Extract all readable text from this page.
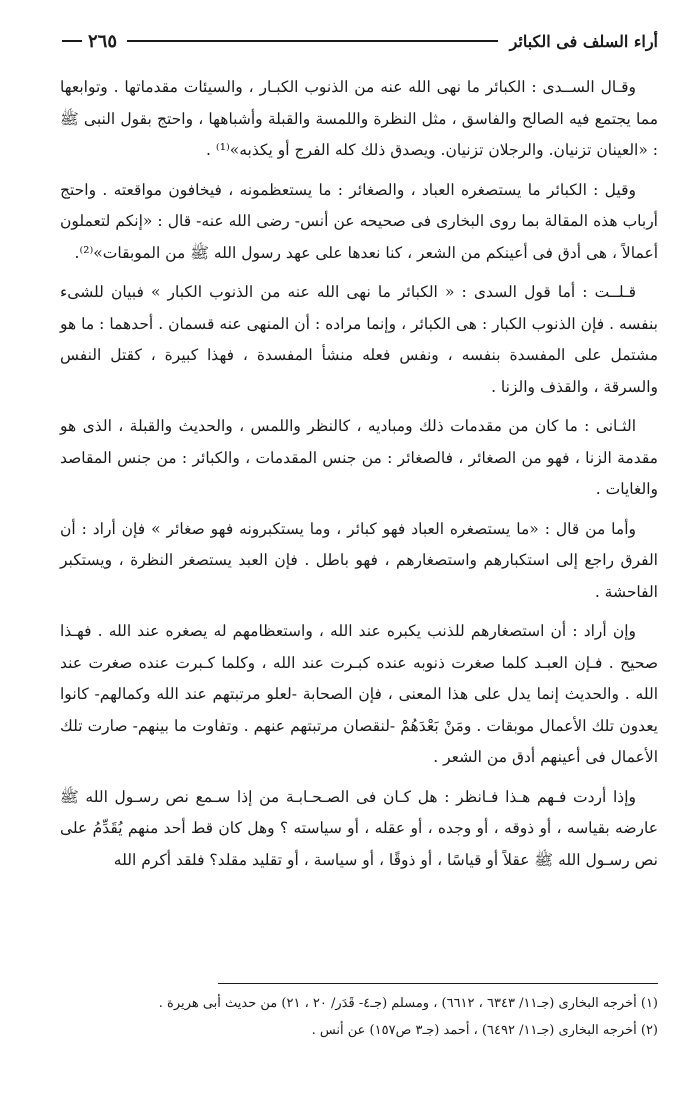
أراء السلف فى الكبائر
٢٦٥

وقـال الســدى : الكبائر ما نهى الله عنه من الذنوب الكبـار ، والسيئات مقدماتها . وتوابعها مما يجتمع فيه الصالح والفاسق ، مثل النظرة واللمسة والقبلة وأشباهها ، واحتج بقول النبى ﷺ : «العينان تزنيان. والرجلان تزنيان. ويصدق ذلك كله الفرج أو يكذبه»⁽¹⁾ .

وقيل : الكبائر ما يستصغره العباد ، والصغائر : ما يستعظمونه ، فيخافون مواقعته . واحتج أرباب هذه المقالة بما روى البخارى فى صحيحه عن أنس- رضى الله عنه- قال : «إنكم لتعملون أعمالاً ، هى أدق فى أعينكم من الشعر ، كنا نعدها على عهد رسول الله ﷺ من الموبقات»⁽²⁾.

قـلــت : أما قول السدى : « الكبائر ما نهى الله عنه من الذنوب الكبار » فبيان للشىء بنفسه . فإن الذنوب الكبار : هى الكبائر ، وإنما مراده : أن المنهى عنه قسمان . أحدهما : ما هو مشتمل على المفسدة بنفسه ، ونفس فعله منشأ المفسدة ، فهذا كبيرة ، كقتل النفس والسرقة ، والقذف والزنا .

الثـانى : ما كان من مقدمات ذلك ومباديه ، كالنظر واللمس ، والحديث والقبلة ، الذى هو مقدمة الزنا ، فهو من الصغائر ، فالصغائر : من جنس المقدمات ، والكبائر : من جنس المقاصد والغايات .

وأما من قال : «ما يستصغره العباد فهو كبائر ، وما يستكبرونه فهو صغائر » فإن أراد : أن الفرق راجع إلى استكبارهم واستصغارهم ، فهو باطل . فإن العبد يستصغر النظرة ، ويستكبر الفاحشة .

وإن أراد : أن استصغارهم للذنب يكبره عند الله ، واستعظامهم له يصغره عند الله . فهـذا صحيح . فـإن العبـد كلما صغرت ذنوبه عنده كبـرت عند الله ، وكلما كـبرت عنده صغرت عند الله . والحديث إنما يدل على هذا المعنى ، فإن الصحابة -لعلو مرتبتهم عند الله وكمالهم- كانوا يعدون تلك الأعمال موبقات . ومَنْ بَعْدَهُمْ -لنقصان مرتبتهم عنهم . وتفاوت ما بينهم- صارت تلك الأعمال فى أعينهم أدق من الشعر .

وإذا أردت فـهم هـذا فـانظر : هل كـان فى الصـحـابـة من إذا سـمع نص رسـول الله ﷺ عارضه بقياسه ، أو ذوقه ، أو وجده ، أو عقله ، أو سياسته ؟ وهل كان قط أحد منهم يُقَدِّمُ على نص رسـول الله ﷺ عقلاً أو قياسًا ، أو ذوقًا ، أو سياسة ، أو تقليد مقلد؟ فلقد أكرم الله

(١) أخرجه البخارى (جـ١١/ ٦٣٤٣ ، ٦٦١٢) ، ومسلم (جـ٤- قَدَر/ ٢٠ ، ٢١) من حديث أبى هريرة .
(٢) أخرجه البخارى (جـ١١/ ٦٤٩٢) ، أحمد (جـ٣ ص١٥٧) عن أنس .
